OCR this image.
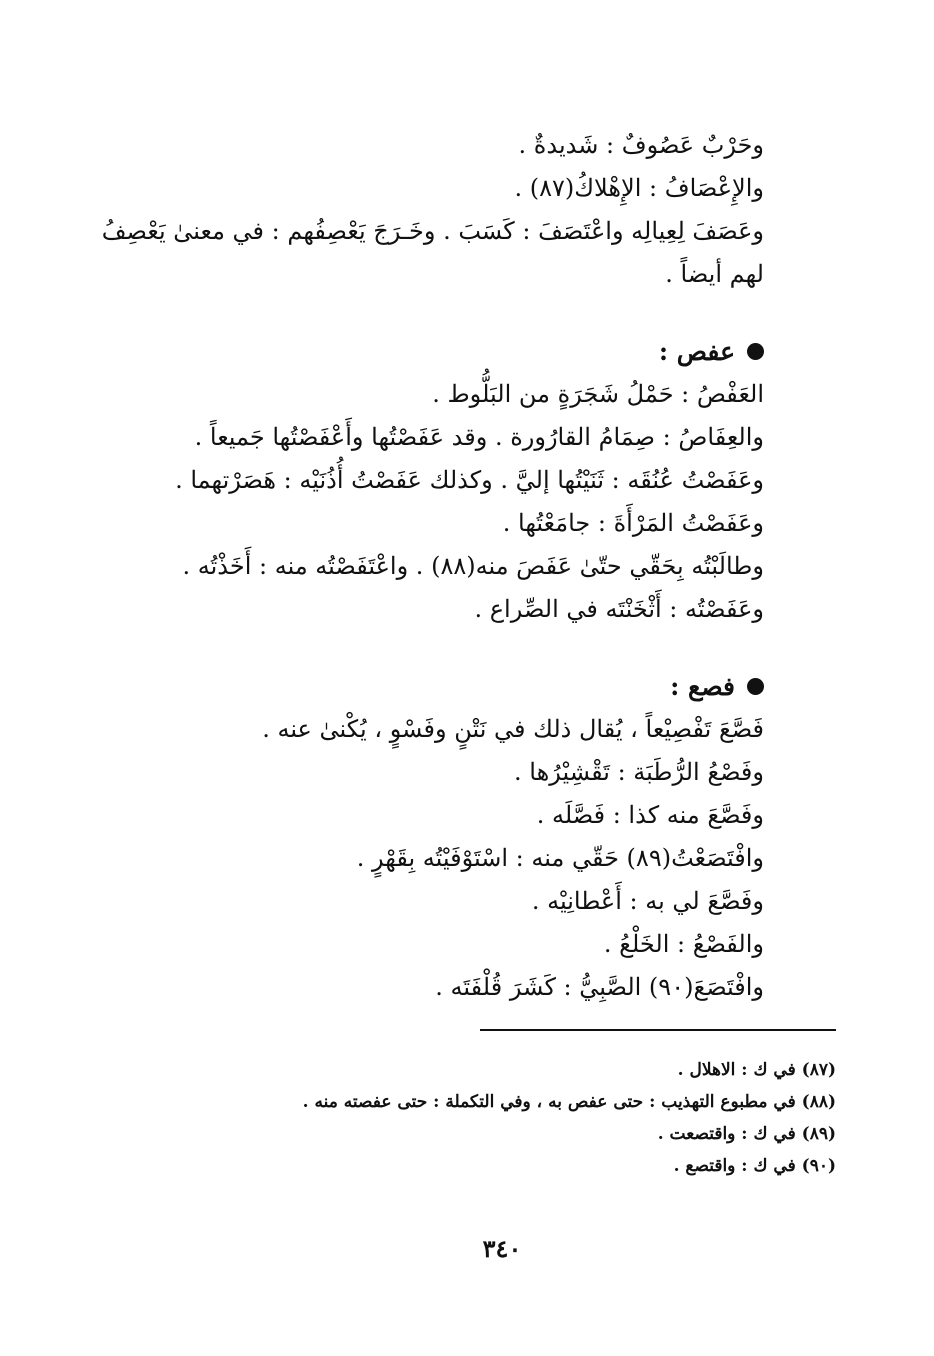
وحَرْبٌ عَصُوفٌ : شَديدةٌ .
والإِعْصَافُ : الإِهْلاكُ(٨٧) .
وعَصَفَ لِعِيالِه واعْتَصَفَ : كَسَبَ . وخَـرَجَ يَعْصِفُهم : في معنىٰ يَعْصِفُ لهم أيضاً .
عفص :
العَفْصُ : حَمْلُ شَجَرَةٍ من البَلُّوط .
والعِفَاصُ : صِمَامُ القارُورة . وقد عَفَصْتُها وأَعْفَصْتُها جَميعاً .
وعَفَصْتُ عُنُقَه : ثَنَيْتُها إليَّ . وكذلك عَفَصْتُ أُذُنَيْه : هَصَرْتهما .
وعَفَصْتُ المَرْأَةَ : جامَعْتُها .
وطالَبْتُه بِحَقّي حتّىٰ عَفَصَ منه(٨٨) . واعْتَفَصْتُه منه : أَخَذْتُه .
وعَفَصْتُه : أَثْخَنْتَه في الصِّراع .
فصع :
فَصَّعَ تَفْصِيْعاً ، يُقال ذلك في نَتْنٍ وفَسْوٍ ، يُكْنىٰ عنه .
وفَصْعُ الرُّطَبَة : تَقْشِيْرُها .
وفَصَّعَ منه كذا : فَصَّلَه .
وافْتَصَعْتُ(٨٩) حَقّي منه : اسْتَوْفَيْتُه بِقَهْرٍ .
وفَصَّعَ لي به : أَعْطانِيْه .
والفَصْعُ : الخَلْعُ .
وافْتَصَعَ(٩٠) الصَّبِيُّ : كَشَرَ قُلْفَتَه .
(٨٧) في ك : الاهلال .
(٨٨) في مطبوع التهذيب : حتى عفص به ، وفي التكملة : حتى عفصته منه .
(٨٩) في ك : واقتصعت .
(٩٠) في ك : واقتصع .
٣٤٠
